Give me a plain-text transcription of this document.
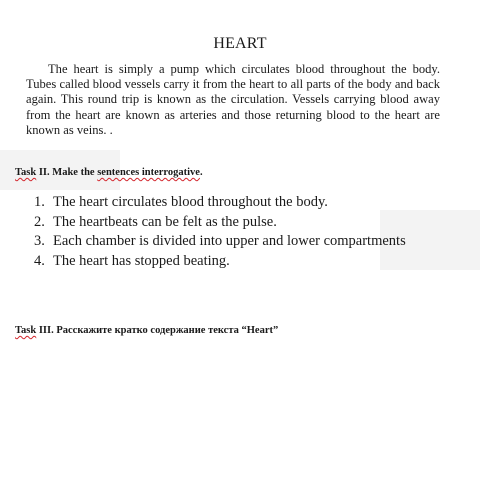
HEART

The heart is simply a pump which circulates blood throughout the body. Tubes called blood vessels carry it from the heart to all parts of the body and back again. This round trip is known as the circulation. Vessels carrying blood away from the heart are known as arteries and those returning blood to the heart are known as veins. .

Task II. Make the sentences interrogative.
1. The heart circulates blood throughout the body.
2. The heartbeats can be felt as the pulse.
3. Each chamber is divided into upper and lower compartments
4. The heart has stopped beating.
Task III. Расскажите кратко содержание текста “Heart”
